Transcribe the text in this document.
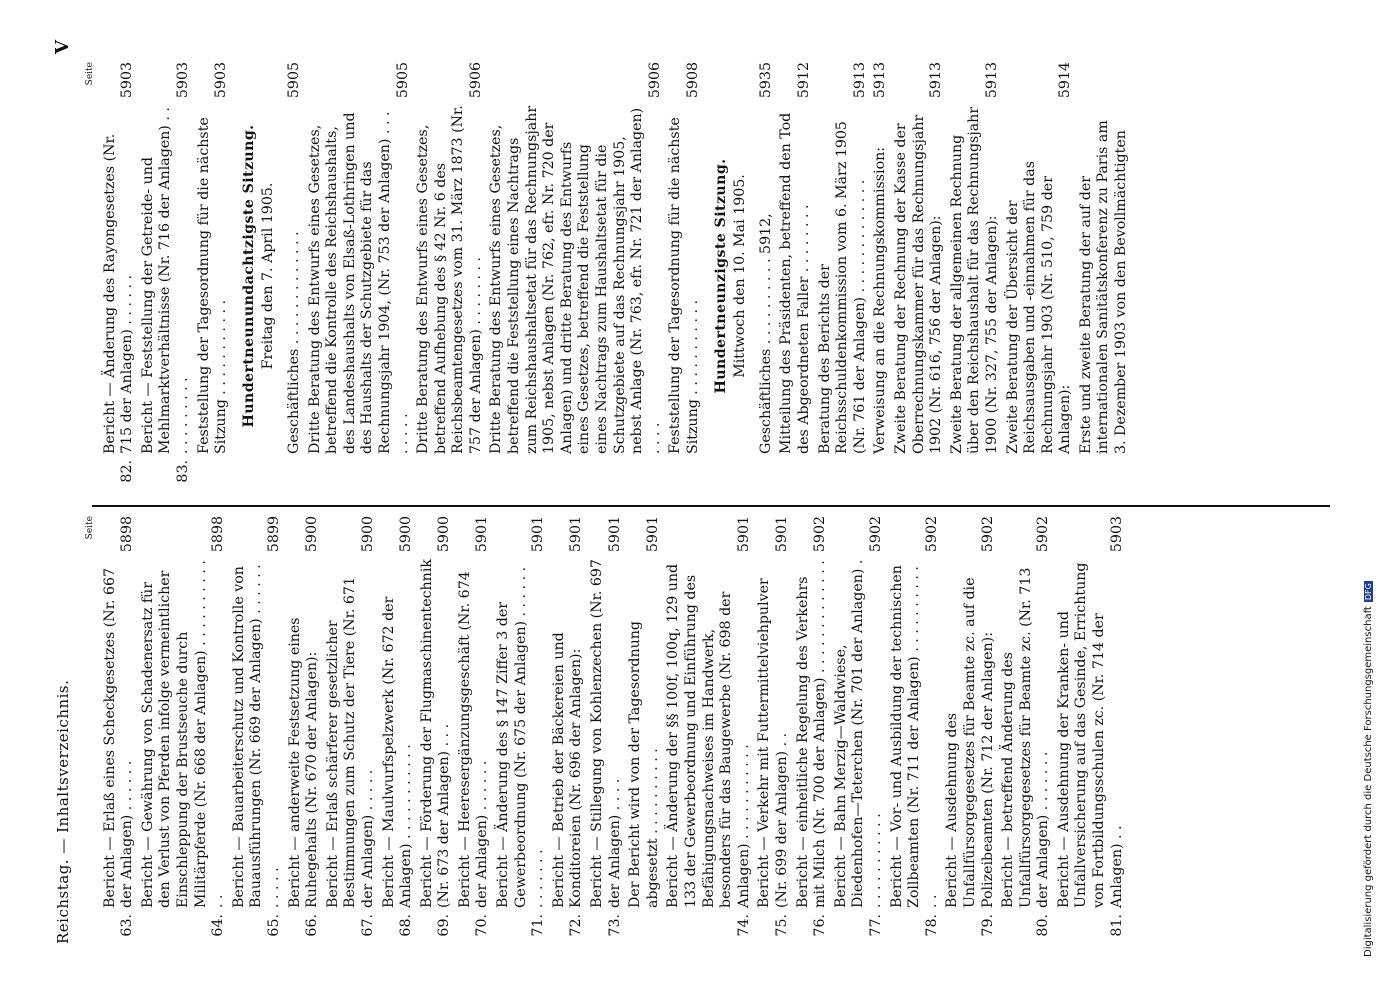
Reichstag. — Inhaltsverzeichnis.
V
Seite
63.
Bericht — Erlaß eines Scheckgesetzes (Nr. 667 der Anlagen) . . . . . .
5898
64.
Bericht — Gewährung von Schadenersatz für den Verlust von Pferden infolge vermeintlicher Einschleppung der Brustseuche durch Militärpferde (Nr. 668 der Anlagen) . . . . . . . . . . . .
5898
65.
Bericht — Bauarbeiterschutz und Kontrolle von Bauausführungen (Nr. 669 der Anlagen) . . . . . . . . . . .
5899
66.
Bericht — anderweite Festsetzung eines Ruhegehalts (Nr. 670 der Anlagen):
5900
67.
Bericht — Erlaß schärferer gesetzlicher Bestimmungen zum Schutz der Tiere (Nr. 671 der Anlagen) . . . . .
5900
68.
Bericht — Maulwurfspelzwerk (Nr. 672 der Anlagen) . . . . . . . . . . .
5900
69.
Bericht — Förderung der Flugmaschinentechnik (Nr. 673 der Anlagen) . . .
5900
70.
Bericht — Heeresergänzungsgeschäft (Nr. 674 der Anlagen) . . . . . .
5901
71.
Bericht — Änderung des § 147 Ziffer 3 der Gewerbeordnung (Nr. 675 der Anlagen) . . . . . . . . . . . . .
5901
72.
Bericht — Betrieb der Bäckereien und Konditoreien (Nr. 696 der Anlagen):
5901
73.
Bericht — Stillegung von Kohlenzechen (Nr. 697 der Anlagen) . . . .
5901
Der Bericht wird von der Tagesordnung abgesetzt . . . . . . . . . .
5901
74.
Bericht — Änderung der §§ 100f, 100q, 129 und 133 der Gewerbeordnung und Einführung des Befähigungsnachweises im Handwerk, besonders für das Baugewerbe (Nr. 698 der Anlagen) . . . . . . . . . . .
5901
75.
Bericht — Verkehr mit Futtermittelviehpulver (Nr. 699 der Anlagen) . .
5901
76.
Bericht — einheitliche Regelung des Verkehrs mit Milch (Nr. 700 der Anlagen) . . . . . . . . . . . . .
5902
77.
Bericht — Bahn Merzig—Waldwiese, Diedenhofen—Teterchen (Nr. 701 der Anlagen) . . . . . . . . . . . .
5902
78.
Bericht — Vor- und Ausbildung der technischen Zollbeamten (Nr. 711 der Anlagen) . . . . . . . . . . . .
5902
79.
Bericht — Ausdehnung des Unfallfürsorgegesetzes für Beamte zc. auf die Polizeibeamten (Nr. 712 der Anlagen):
5902
80.
Bericht — betreffend Änderung des Unfallfürsorgegesetzes für Beamte zc. (Nr. 713 der Anlagen) . . . . . . .
5902
81.
Bericht — Ausdehnung der Kranken- und Unfallversicherung auf das Gesinde, Errichtung von Fortbildungsschulen zc. (Nr. 714 der Anlagen) . .
5903
Seite
82.
Bericht — Änderung des Rayongesetzes (Nr. 715 der Anlagen) . . . . . .
5903
83.
Bericht — Feststellung der Getreide- und Mehlmarktverhältnisse (Nr. 716 der Anlagen) . . . . . . . . . . .
5903
Feststellung der Tagesordnung für die nächste Sitzung . . . . . . . . . . .
5903
Hundertneunundachtzigste Sitzung. Freitag den 7. April 1905. Geschäftliches . . . . . . . . . . . . .
5905
Dritte Beratung des Entwurfs eines Gesetzes, betreffend die Kontrolle des Reichshaushalts, des Landeshaushalts von Elsaß-Lothringen und des Haushalts der Schutzgebiete für das Rechnungsjahr 1904, (Nr. 753 der Anlagen) . . . . . . . .
5905
Dritte Beratung des Entwurfs eines Gesetzes, betreffend Aufhebung des § 42 Nr. 6 des Reichsbeamtengesetzes vom 31. März 1873 (Nr. 757 der Anlagen) . . . . . . . .
5906
Dritte Beratung des Entwurfs eines Gesetzes, betreffend die Feststellung eines Nachtrags zum Reichshaushaltsetat für das Rechnungsjahr 1905, nebst Anlagen (Nr. 762, efr. Nr. 720 der Anlagen) und dritte Beratung des Entwurfs eines Gesetzes, betreffend die Feststellung eines Nachtrags zum Haushaltsetat für die Schutzgebiete auf das Rechnungsjahr 1905, nebst Anlage (Nr. 763, efr. Nr. 721 der Anlagen) . . . .
5906
Feststellung der Tagesordnung für die nächste Sitzung . . . . . . . . . . .
5908
Hundertneunzigste Sitzung. Mittwoch den 10. Mai 1905. Geschäftliches . . . . . . . . . . 5912,
5935
Mitteilung des Präsidenten, betreffend den Tod des Abgeordneten Faller . . . . . . . .
5912
Beratung des Berichts der Reichsschuldenkommission vom 6. März 1905 (Nr. 761 der Anlagen) . . . . . . . . . . . . .
5913
Verweisung an die Rechnungskommission:
5913
Zweite Beratung der Rechnung der Kasse der Oberrechnungskammer für das Rechnungsjahr 1902 (Nr. 616, 756 der Anlagen):
5913
Zweite Beratung der allgemeinen Rechnung über den Reichshaushalt für das Rechnungsjahr 1900 (Nr. 327, 755 der Anlagen):
5913
Zweite Beratung der Übersicht der Reichsausgaben und -einnahmen für das Rechnungsjahr 1903 (Nr. 510, 759 der Anlagen):
5914
Erste und zweite Beratung der auf der internationalen Sanitätskonferenz zu Paris am 3. Dezember 1903 von den Bevollmächtigten
Digitalisierung gefördert durch die Deutsche ForschungsgemeinschaftDFG
